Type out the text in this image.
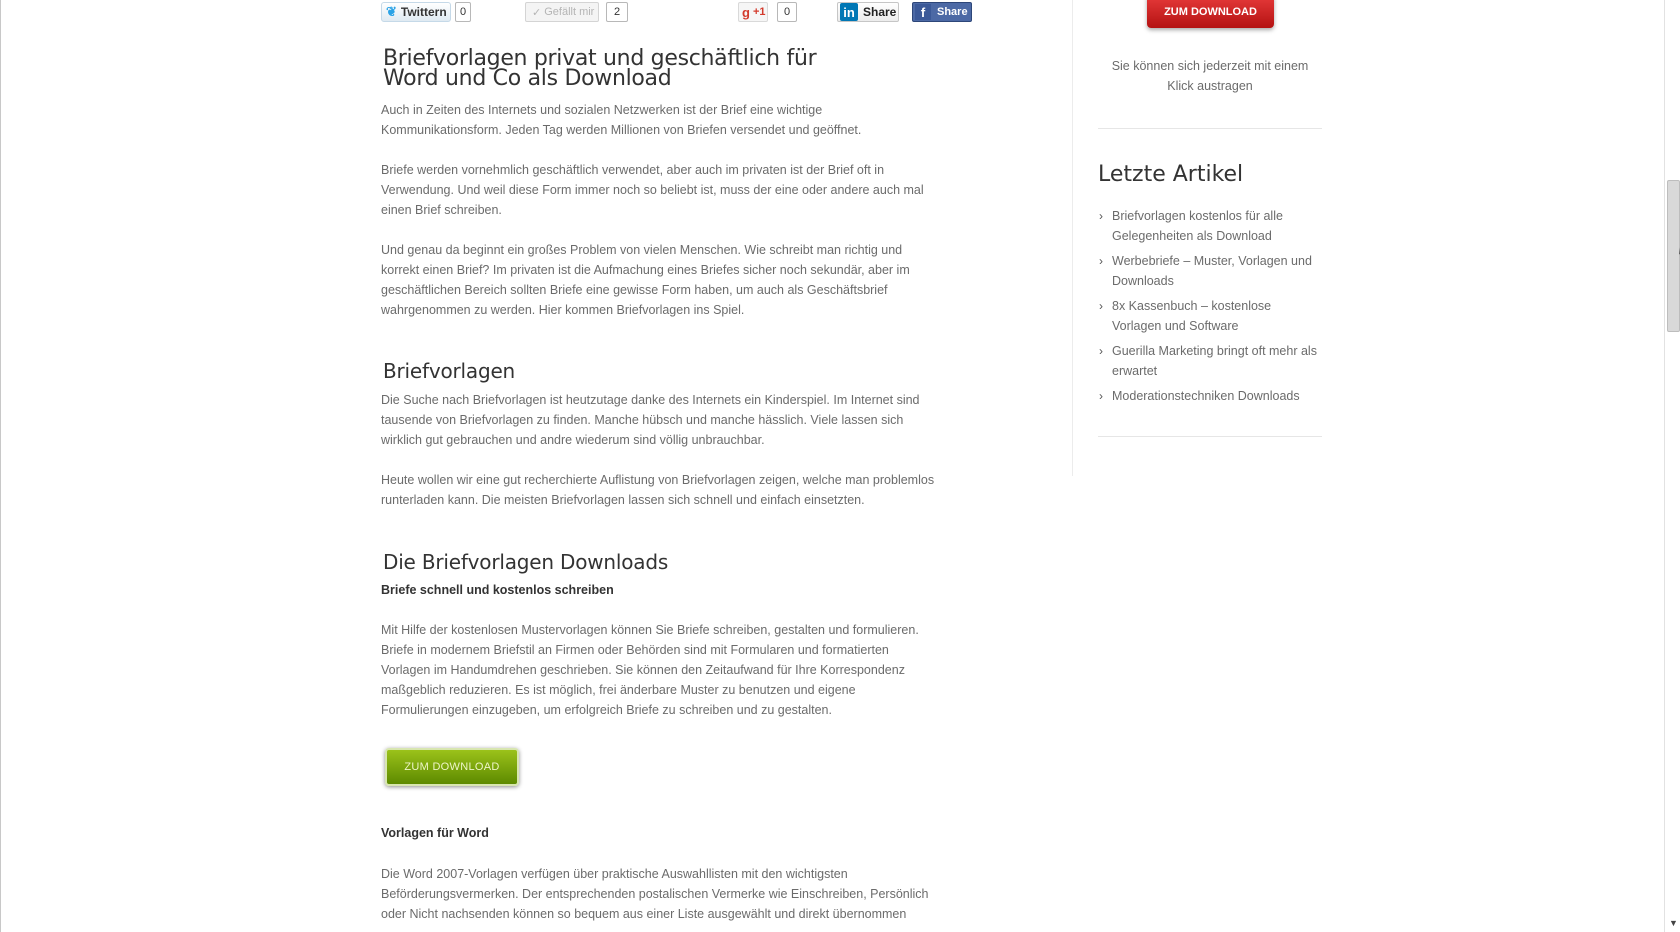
❦ Twittern	0	✓ Gefällt mir	2	g +1	0	in Share	f	Share
Briefvorlagen privat und geschäftlich für
Word und Co als Download

Auch in Zeiten des Internets und sozialen Netzwerken ist der Brief eine wichtige Kommunikationsform. Jeden Tag werden Millionen von Briefen versendet und geöffnet.

Briefe werden vornehmlich geschäftlich verwendet, aber auch im privaten ist der Brief oft in Verwendung. Und weil diese Form immer noch so beliebt ist, muss der eine oder andere auch mal einen Brief schreiben.

Und genau da beginnt ein großes Problem von vielen Menschen. Wie schreibt man richtig und korrekt einen Brief? Im privaten ist die Aufmachung eines Briefes sicher noch sekundär, aber im geschäftlichen Bereich sollten Briefe eine gewisse Form haben, um auch als Geschäftsbrief wahrgenommen zu werden. Hier kommen Briefvorlagen ins Spiel.

Briefvorlagen

Die Suche nach Briefvorlagen ist heutzutage danke des Internets ein Kinderspiel. Im Internet sind tausende von Briefvorlagen zu finden. Manche hübsch und manche hässlich. Viele lassen sich wirklich gut gebrauchen und andre wiederum sind völlig unbrauchbar.

Heute wollen wir eine gut recherchierte Auflistung von Briefvorlagen zeigen, welche man problemlos runterladen kann. Die meisten Briefvorlagen lassen sich schnell und einfach einsetzten.

Die Briefvorlagen Downloads
Briefe schnell und kostenlos schreiben

Mit Hilfe der kostenlosen Mustervorlagen können Sie Briefe schreiben, gestalten und formulieren. Briefe in modernem Briefstil an Firmen oder Behörden sind mit Formularen und formatierten Vorlagen im Handumdrehen geschrieben. Sie können den Zeitaufwand für Ihre Korrespondenz maßgeblich reduzieren. Es ist möglich, frei änderbare Muster zu benutzen und eigene Formulierungen einzugeben, um erfolgreich Briefe zu schreiben und zu gestalten.

ZUM DOWNLOAD
Vorlagen für Word

Die Word 2007-Vorlagen verfügen über praktische Auswahllisten mit den wichtigsten Beförderungsvermerken. Der entsprechenden postalischen Vermerke wie Einschreiben, Persönlich oder Nicht nachsenden können so bequem aus einer Liste ausgewählt und direkt übernommen

ZUM DOWNLOAD
Sie können sich jederzeit mit einem Klick austragen
Letzte Artikel
› Briefvorlagen kostenlos für alle Gelegenheiten als Download
› Werbebriefe – Muster, Vorlagen und Downloads
› 8x Kassenbuch – kostenlose Vorlagen und Software
› Guerilla Marketing bringt oft mehr als erwartet
› Moderationstechniken Downloads
▼
